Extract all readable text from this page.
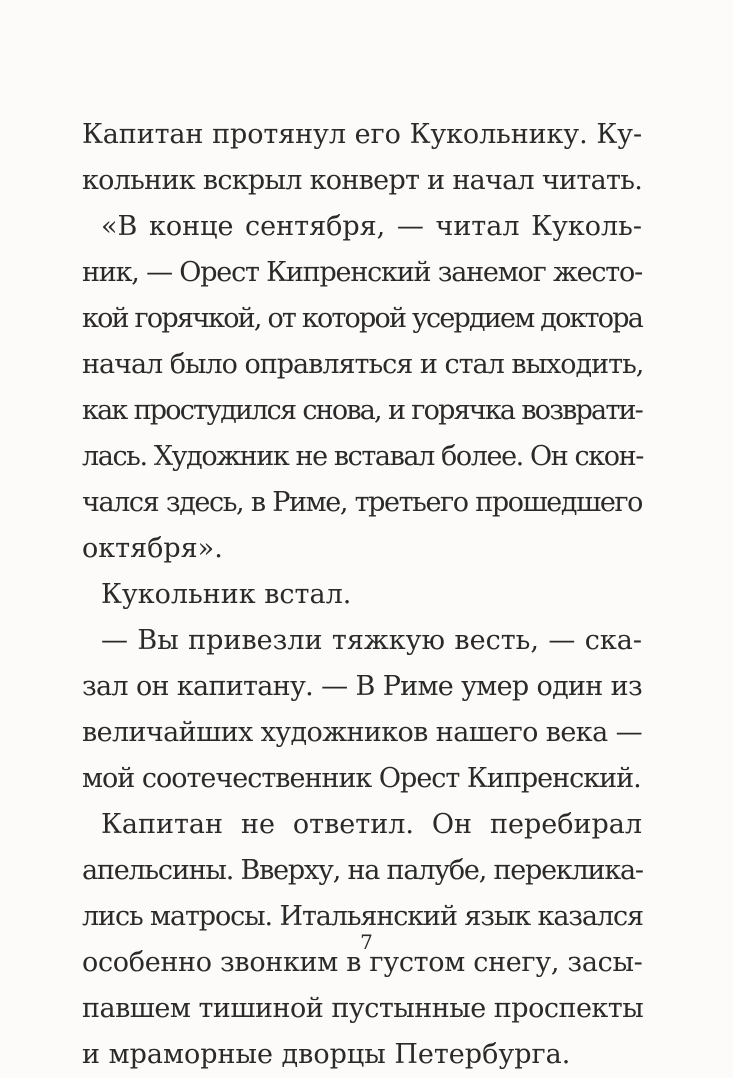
Капитан протянул его Кукольнику. Ку-
кольник вскрыл конверт и начал читать.
«В конце сентября, — читал Куколь-
ник, — Орест Кипренский занемог жесто-
кой горячкой, от которой усердием доктора
начал было оправляться и стал выходить,
как простудился снова, и горячка возврати-
лась. Художник не вставал более. Он скон-
чался здесь, в Риме, третьего прошедшего
октября».
Кукольник встал.
— Вы привезли тяжкую весть, — ска-
зал он капитану. — В Риме умер один из
величайших художников нашего века —
мой соотечественник Орест Кипренский.
Капитан не ответил. Он перебирал
апельсины. Вверху, на палубе, переклика-
лись матросы. Итальянский язык казался
особенно звонким в густом снегу, засы-
павшем тишиной пустынные проспекты
и мраморные дворцы Петербурга.
7
